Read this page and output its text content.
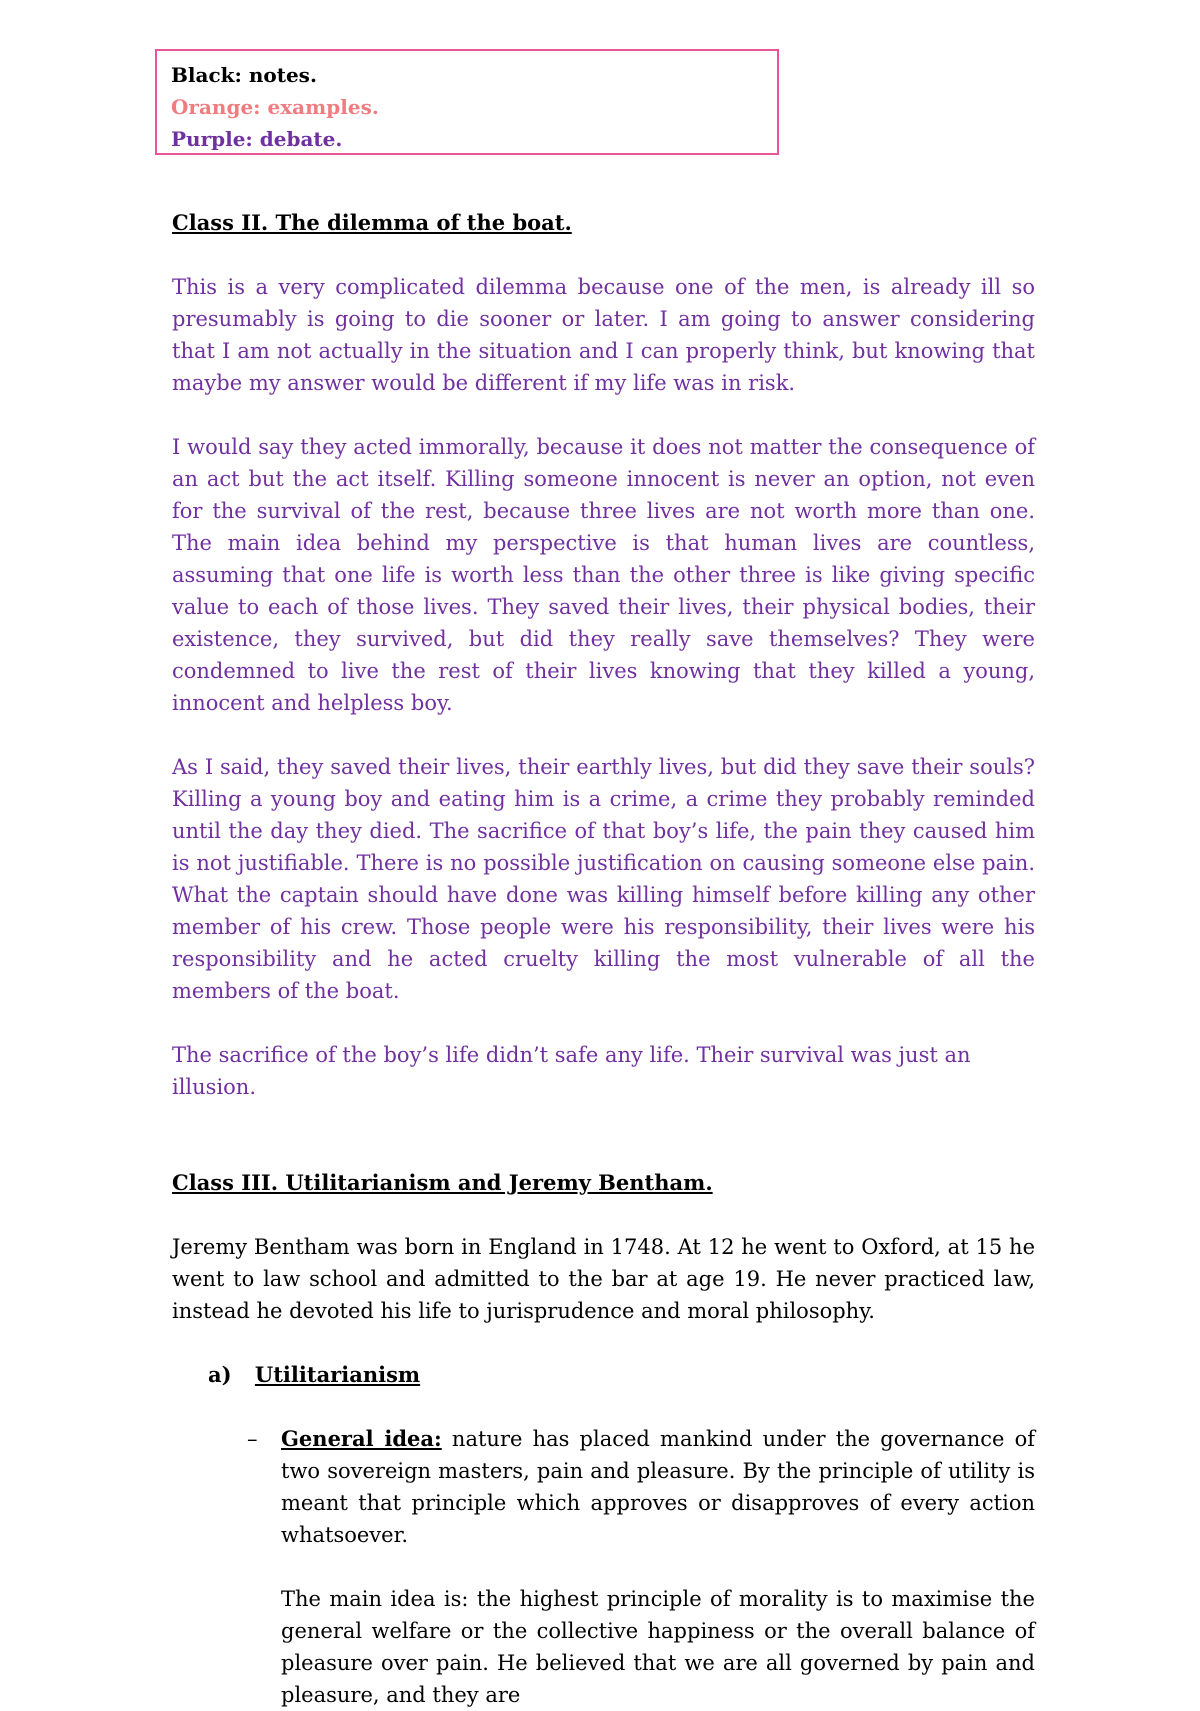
Black: notes.
Orange: examples.
Purple: debate.

Class II. The dilemma of the boat.

This is a very complicated dilemma because one of the men, is already ill so presumably is going to die sooner or later. I am going to answer considering that I am not actually in the situation and I can properly think, but knowing that maybe my answer would be different if my life was in risk.

I would say they acted immorally, because it does not matter the consequence of an act but the act itself. Killing someone innocent is never an option, not even for the survival of the rest, because three lives are not worth more than one. The main idea behind my perspective is that human lives are countless, assuming that one life is worth less than the other three is like giving specific value to each of those lives. They saved their lives, their physical bodies, their existence, they survived, but did they really save themselves? They were condemned to live the rest of their lives knowing that they killed a young, innocent and helpless boy.

As I said, they saved their lives, their earthly lives, but did they save their souls? Killing a young boy and eating him is a crime, a crime they probably reminded until the day they died. The sacrifice of that boy’s life, the pain they caused him is not justifiable. There is no possible justification on causing someone else pain. What the captain should have done was killing himself before killing any other member of his crew. Those people were his responsibility, their lives were his responsibility and he acted cruelty killing the most vulnerable of all the members of the boat.

The sacrifice of the boy’s life didn’t safe any life. Their survival was just an illusion.

Class III. Utilitarianism and Jeremy Bentham.

Jeremy Bentham was born in England in 1748. At 12 he went to Oxford, at 15 he went to law school and admitted to the bar at age 19. He never practiced law, instead he devoted his life to jurisprudence and moral philosophy.

a) Utilitarianism

– General idea: nature has placed mankind under the governance of two sovereign masters, pain and pleasure. By the principle of utility is meant that principle which approves or disapproves of every action whatsoever.

The main idea is: the highest principle of morality is to maximise the general welfare or the collective happiness or the overall balance of pleasure over pain. He believed that we are all governed by pain and pleasure, and they are
